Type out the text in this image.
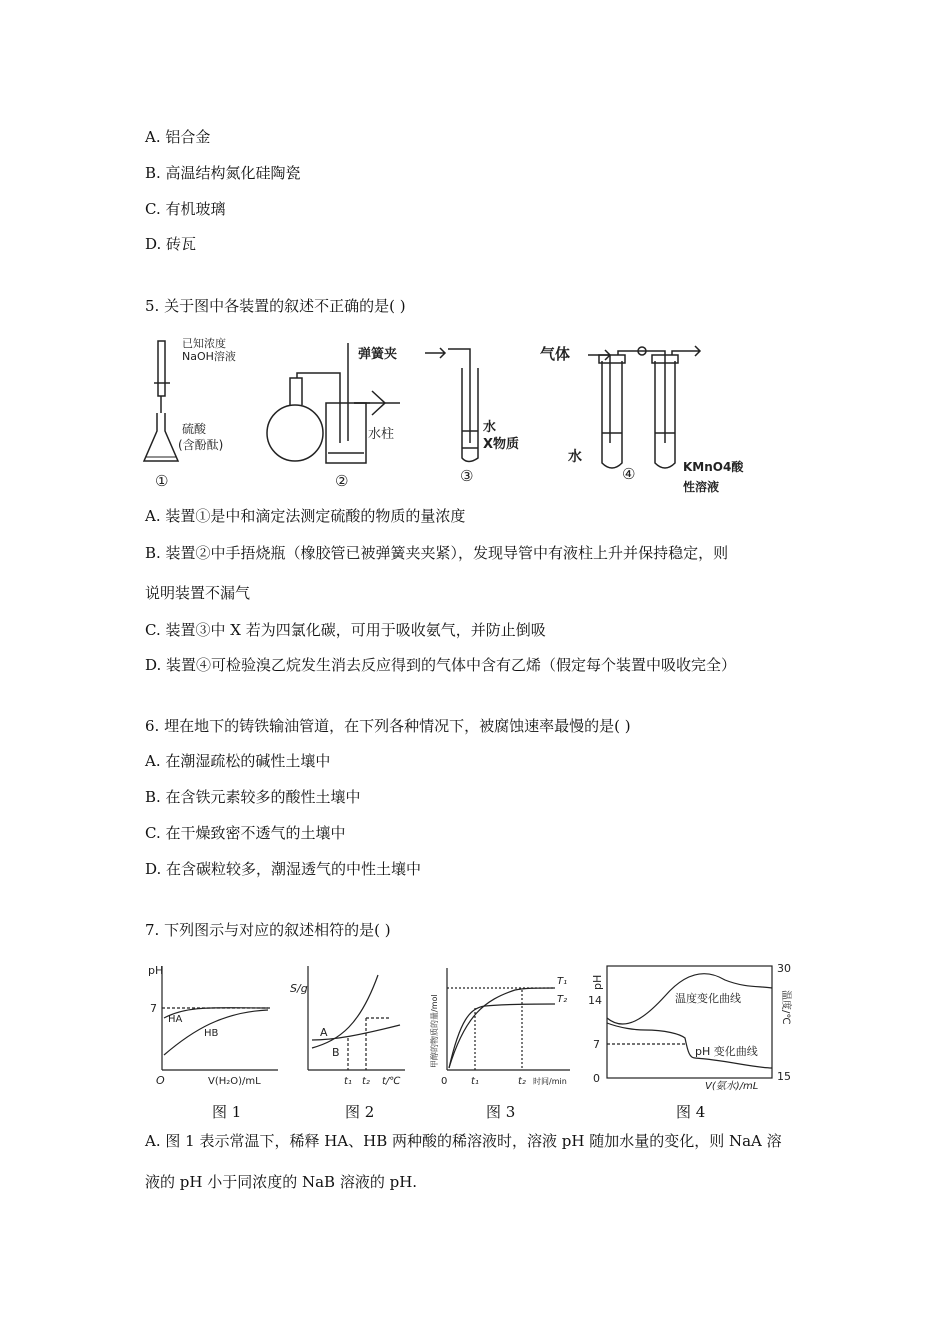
A. 铝合金
B. 高温结构氮化硅陶瓷
C. 有机玻璃
D. 砖瓦
5. 关于图中各装置的叙述不正确的是( )
已知浓度
NaOH溶液
硫酸
(含酚酞)
①
弹簧夹
水柱
②
水
X物质
③
气体
水
KMnO4酸
性溶液
④
A. 装置①是中和滴定法测定硫酸的物质的量浓度
B. 装置②中手捂烧瓶（橡胶管已被弹簧夹夹紧），发现导管中有液柱上升并保持稳定，则
说明装置不漏气
C. 装置③中 X 若为四氯化碳，可用于吸收氨气，并防止倒吸
D. 装置④可检验溴乙烷发生消去反应得到的气体中含有乙烯（假定每个装置中吸收完全）
6. 埋在地下的铸铁输油管道，在下列各种情况下，被腐蚀速率最慢的是( )
A. 在潮湿疏松的碱性土壤中
B. 在含铁元素较多的酸性土壤中
C. 在干燥致密不透气的土壤中
D. 在含碳粒较多，潮湿透气的中性土壤中
7. 下列图示与对应的叙述相符的是( )
pH
7
O	V(H₂O)/mL
HA
HB
S/g
A
B
t₁ t₂ t/℃
甲醇的物质的量/mol
0 t₁	t₂ 时间/min
T₁
T₂
pH
14
7
0
30
15
温度/℃
温度变化曲线
pH 变化曲线
V(氨水)/mL
图 1	图 2	图 3	图 4
A. 图 1 表示常温下，稀释 HA、HB 两种酸的稀溶液时，溶液 pH 随加水量的变化，则 NaA 溶
液的 pH 小于同浓度的 NaB 溶液的 pH.
